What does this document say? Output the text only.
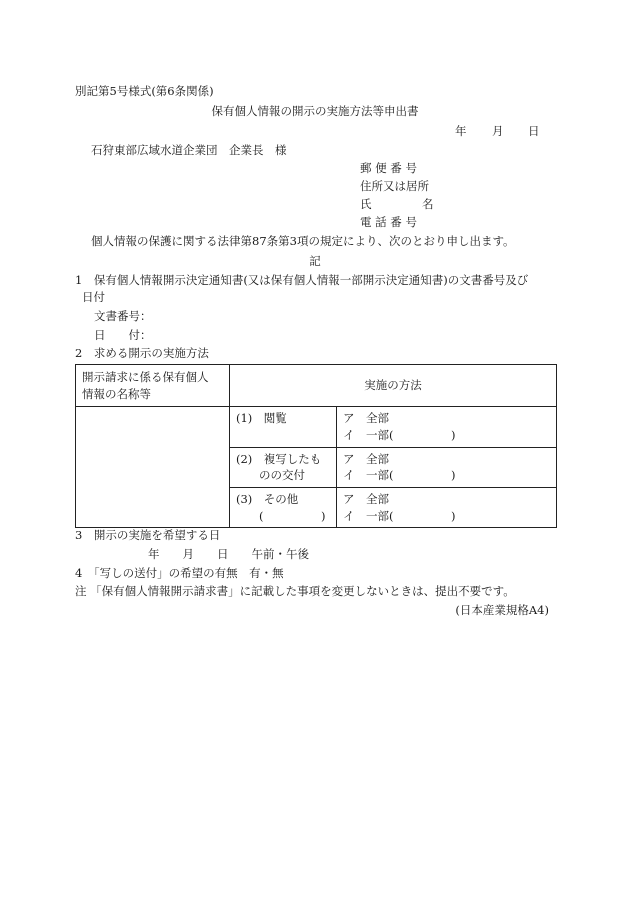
別記第5号様式(第6条関係)
保有個人情報の開示の実施方法等申出書
年 月 日
石狩東部広域水道企業団　企業長　様
郵 便 番 号
住所又は居所
氏	名
電 話 番 号
個人情報の保護に関する法律第87条第3項の規定により、次のとおり申し出ます。
記
1　保有個人情報開示決定通知書(又は保有個人情報一部開示決定通知書)の文書番号及び
日付
文書番号：
日　　付：
2　求める開示の実施方法
開示請求に係る保有個人
情報の名称等	実施の方法	

	(1)　閲覧	ア　全部
イ　一部(　　　　　)

	(2)　複写したも
　　のの交付	ア　全部
イ　一部(　　　　　)

	(3)　その他
　　(　　　　　)	ア　全部
イ　一部(　　　　　)
3　開示の実施を希望する日
年　　月　　日　　午前・午後
4　「写しの送付」の希望の有無　有・無
注 「保有個人情報開示請求書」に記載した事項を変更しないときは、提出不要です。
(日本産業規格A4)
